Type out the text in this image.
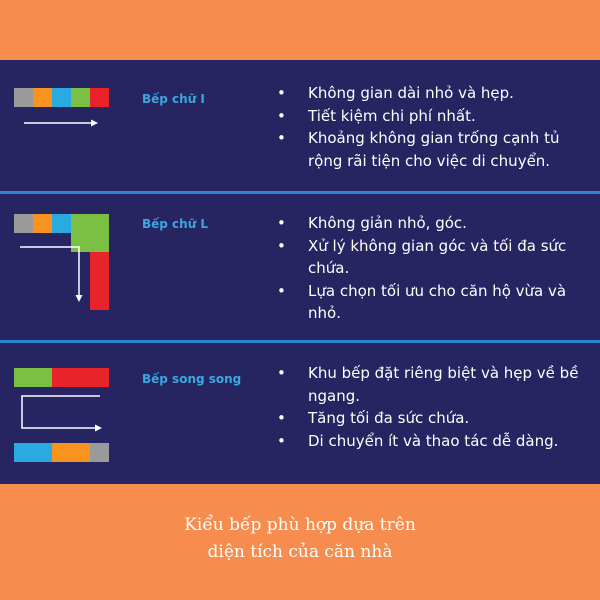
Bếp chữ I	• Không gian dài nhỏ và hẹp.
• Tiết kiệm chi phí nhất.
• Khoảng không gian trống cạnh tủ rộng rãi tiện cho việc di chuyển.
Bếp chữ L	• Không giản nhỏ, góc.
• Xử lý không gian góc và tối đa sức chứa.
• Lựa chọn tối ưu cho căn hộ vừa và nhỏ.
Bếp song song • Khu bếp đặt riêng biệt và hẹp về bề ngang.
• Tăng tối đa sức chứa.
• Di chuyển ít và thao tác dễ dàng.
Kiểu bếp phù hợp dựa trên
diện tích của căn nhà
